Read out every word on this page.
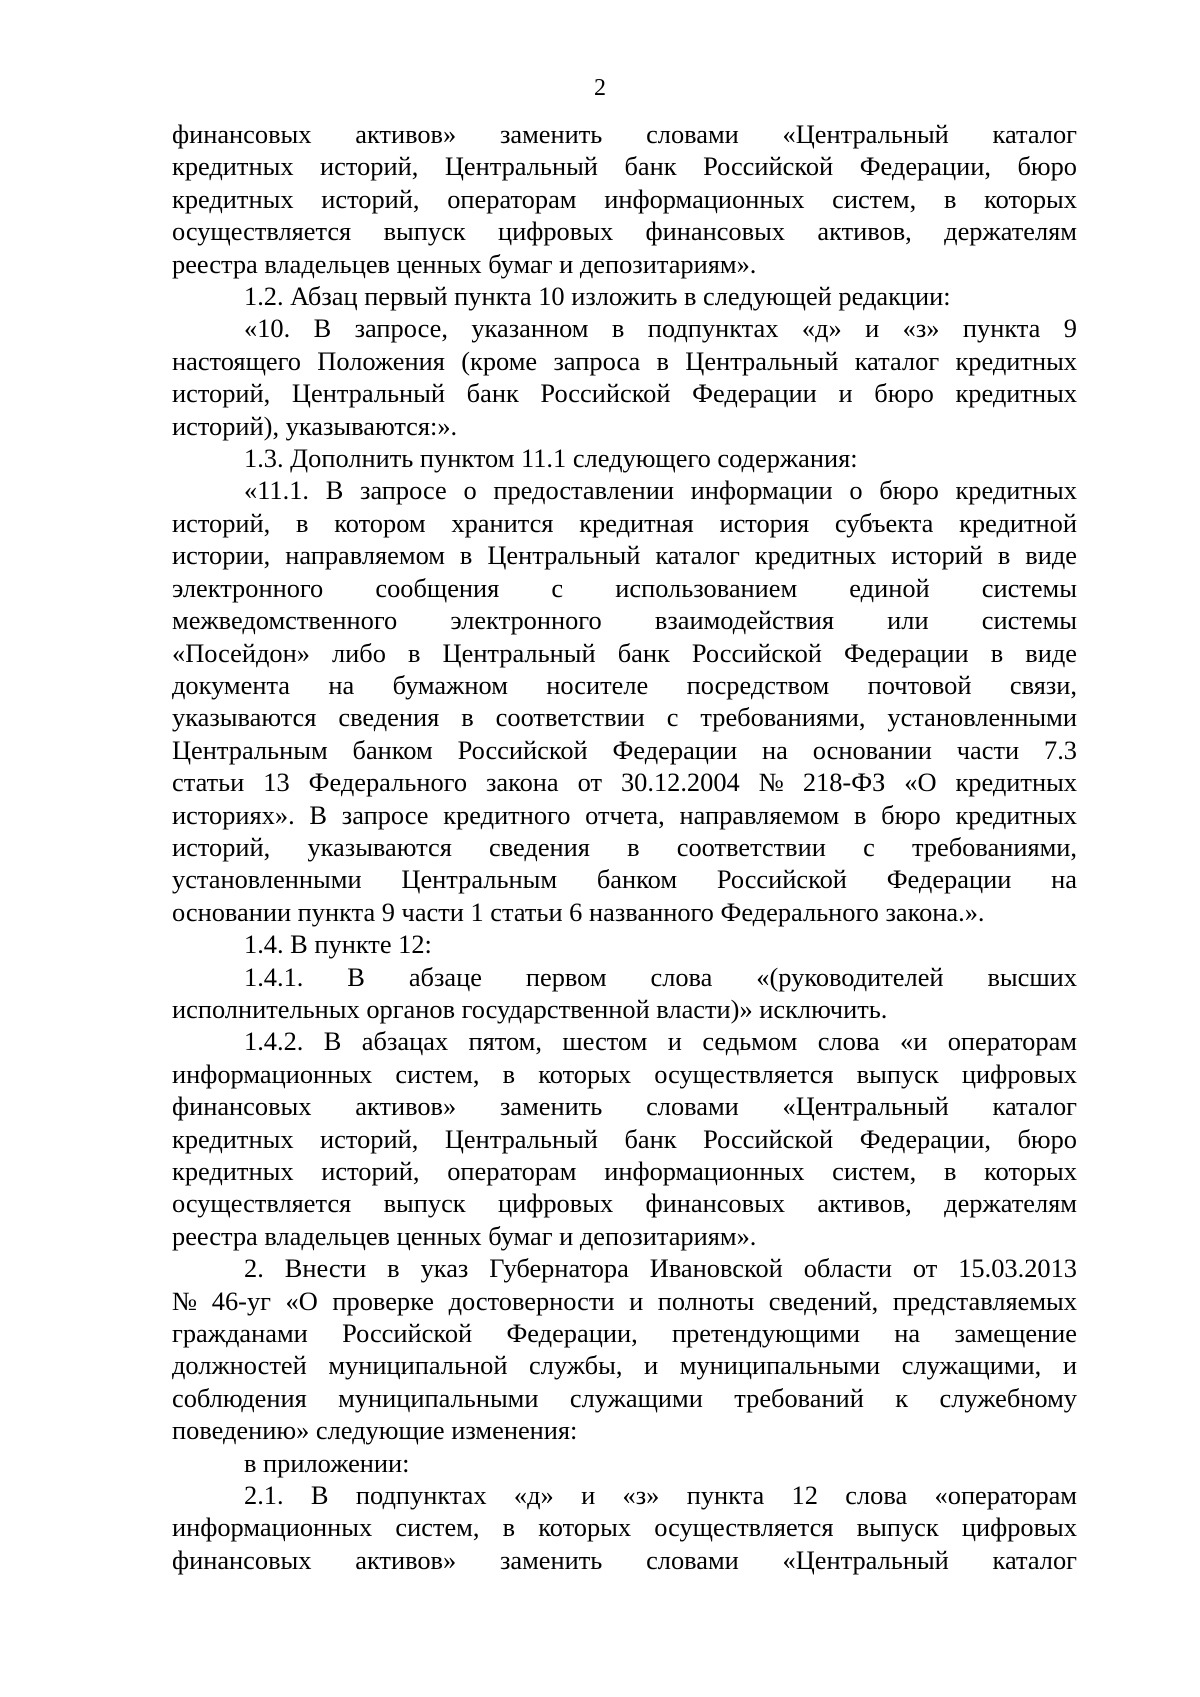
2
финансовых активов» заменить словами «Центральный каталог
кредитных историй, Центральный банк Российской Федерации, бюро
кредитных историй, операторам информационных систем, в которых
осуществляется выпуск цифровых финансовых активов, держателям
реестра владельцев ценных бумаг и депозитариям».
1.2. Абзац первый пункта 10 изложить в следующей редакции:
«10. В запросе, указанном в подпунктах «д» и «з» пункта 9
настоящего Положения (кроме запроса в Центральный каталог кредитных
историй, Центральный банк Российской Федерации и бюро кредитных
историй), указываются:».
1.3. Дополнить пунктом 11.1 следующего содержания:
«11.1. В запросе о предоставлении информации о бюро кредитных
историй, в котором хранится кредитная история субъекта кредитной
истории, направляемом в Центральный каталог кредитных историй в виде
электронного сообщения с использованием единой системы
межведомственного электронного взаимодействия или системы
«Посейдон» либо в Центральный банк Российской Федерации в виде
документа на бумажном носителе посредством почтовой связи,
указываются сведения в соответствии с требованиями, установленными
Центральным банком Российской Федерации на основании части 7.3
статьи 13 Федерального закона от 30.12.2004 № 218-ФЗ «О кредитных
историях». В запросе кредитного отчета, направляемом в бюро кредитных
историй, указываются сведения в соответствии с требованиями,
установленными Центральным банком Российской Федерации на
основании пункта 9 части 1 статьи 6 названного Федерального закона.».
1.4. В пункте 12:
1.4.1. В абзаце первом слова «(руководителей высших
исполнительных органов государственной власти)» исключить.
1.4.2. В абзацах пятом, шестом и седьмом слова «и операторам
информационных систем, в которых осуществляется выпуск цифровых
финансовых активов» заменить словами «Центральный каталог
кредитных историй, Центральный банк Российской Федерации, бюро
кредитных историй, операторам информационных систем, в которых
осуществляется выпуск цифровых финансовых активов, держателям
реестра владельцев ценных бумаг и депозитариям».
2. Внести в указ Губернатора Ивановской области от 15.03.2013
№ 46-уг «О проверке достоверности и полноты сведений, представляемых
гражданами Российской Федерации, претендующими на замещение
должностей муниципальной службы, и муниципальными служащими, и
соблюдения муниципальными служащими требований к служебному
поведению» следующие изменения:
в приложении:
2.1. В подпунктах «д» и «з» пункта 12 слова «операторам
информационных систем, в которых осуществляется выпуск цифровых
финансовых активов» заменить словами «Центральный каталог
